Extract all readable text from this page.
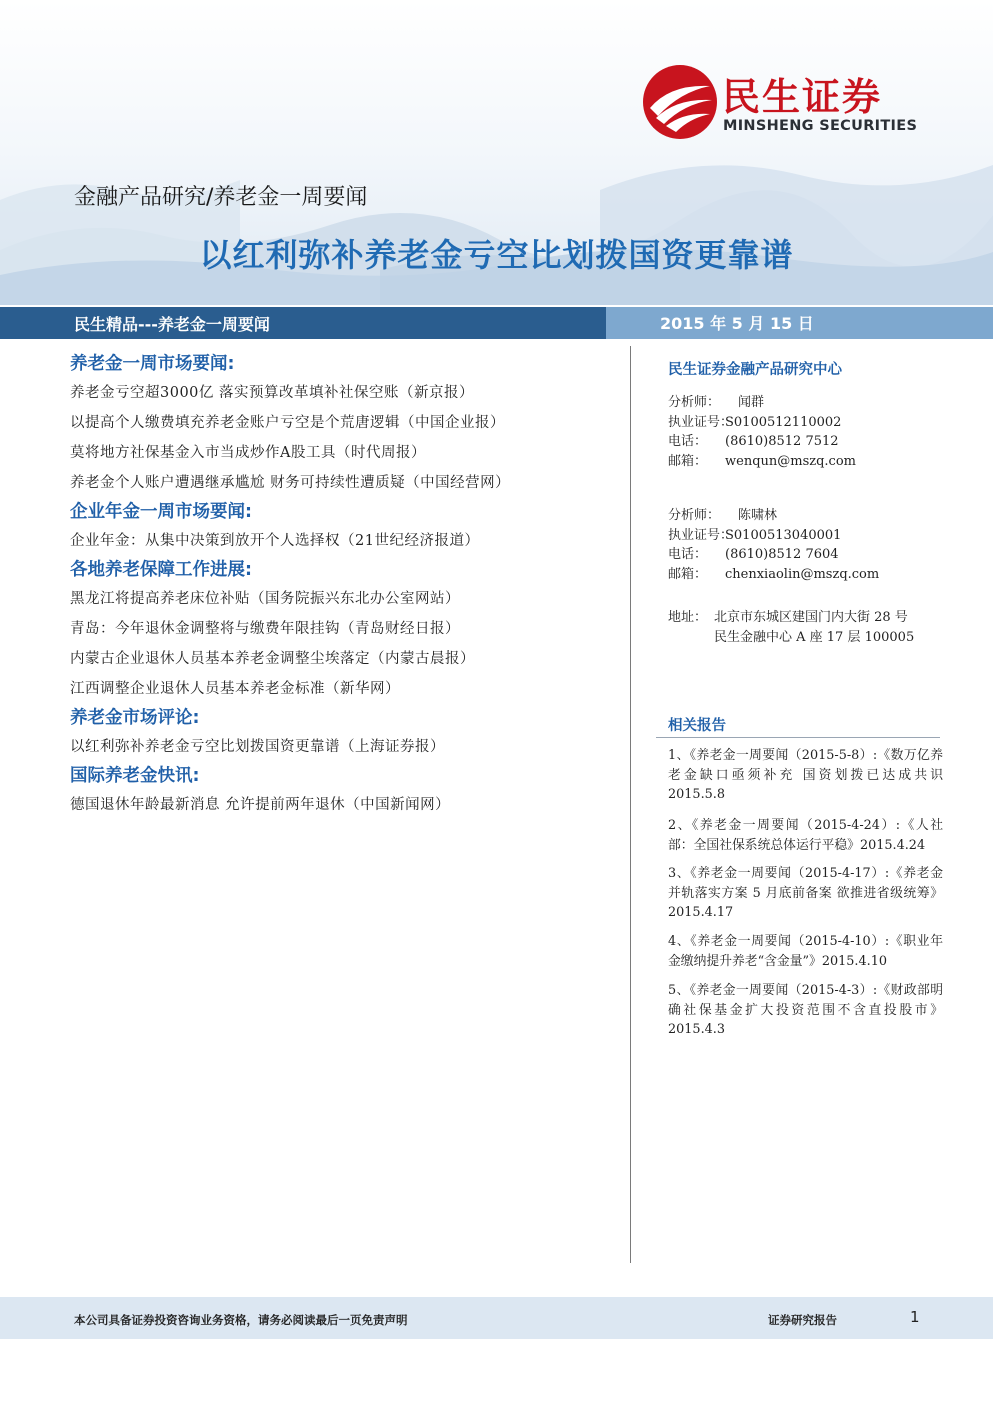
民生证券
MINSHENG SECURITIES
金融产品研究/养老金一周要闻
以红利弥补养老金亏空比划拨国资更靠谱
民生精品---养老金一周要闻	2015 年 5 月 15 日
养老金一周市场要闻:
养老金亏空超3000亿 落实预算改革填补社保空账（新京报）
以提高个人缴费填充养老金账户亏空是个荒唐逻辑（中国企业报）
莫将地方社保基金入市当成炒作A股工具（时代周报）
养老金个人账户遭遇继承尴尬 财务可持续性遭质疑（中国经营网）
企业年金一周市场要闻:
企业年金：从集中决策到放开个人选择权（21世纪经济报道）
各地养老保障工作进展:
黑龙江将提高养老床位补贴（国务院振兴东北办公室网站）
青岛：今年退休金调整将与缴费年限挂钩（青岛财经日报）
内蒙古企业退休人员基本养老金调整尘埃落定（内蒙古晨报）
江西调整企业退休人员基本养老金标准（新华网）
养老金市场评论:
以红利弥补养老金亏空比划拨国资更靠谱（上海证券报）
国际养老金快讯:
德国退休年龄最新消息 允许提前两年退休（中国新闻网）
民生证券金融产品研究中心
分析师： 闻群
执业证号：S0100512110002
电话： (8610)8512 7512
邮箱： wenqun@mszq.com
分析师： 陈啸林
执业证号：S0100513040001
电话： (8610)8512 7604
邮箱： chenxiaolin@mszq.com
地址： 北京市东城区建国门内大街 28 号
民生金融中心 A 座 17 层 100005
相关报告
1、《养老金一周要闻（2015-5-8）:《数万亿养老金缺口亟须补充 国资划拨已达成共识 2015.5.8
2、《养老金一周要闻（2015-4-24）:《人社部：全国社保系统总体运行平稳》2015.4.24
3、《养老金一周要闻（2015-4-17）:《养老金并轨落实方案 5 月底前备案 欲推进省级统筹》2015.4.17
4、《养老金一周要闻（2015-4-10）:《职业年金缴纳提升养老“含金量”》2015.4.10
5、《养老金一周要闻（2015-4-3）:《财政部明确社保基金扩大投资范围不含直投股市》2015.4.3
本公司具备证券投资咨询业务资格，请务必阅读最后一页免责声明	证券研究报告	1
